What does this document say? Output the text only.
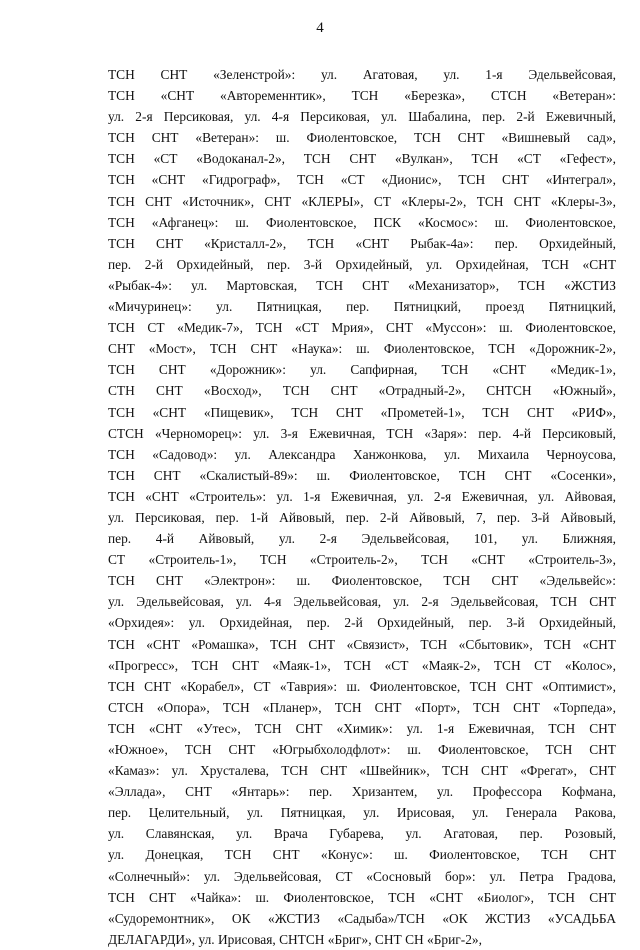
4
ТСН СНТ «Зеленстрой»: ул. Агатовая, ул. 1-я Эдельвейсовая,
ТСН «СНТ «Автоременнтик», ТСН «Березка», СТСН «Ветеран»:
ул. 2-я Персиковая, ул. 4-я Персиковая, ул. Шабалина, пер. 2-й Ежевичный,
ТСН СНТ «Ветеран»: ш. Фиолентовское, ТСН СНТ «Вишневый сад»,
ТСН «СТ «Водоканал-2», ТСН СНТ «Вулкан», ТСН «СТ «Гефест»,
ТСН «СНТ «Гидрограф», ТСН «СТ «Дионис», ТСН СНТ «Интеграл»,
ТСН СНТ «Источник», СНТ «КЛЕРЫ», СТ «Клеры-2», ТСН СНТ «Клеры-3»,
ТСН «Афганец»: ш. Фиолентовское, ПСК «Космос»: ш. Фиолентовское,
ТСН СНТ «Кристалл-2», ТСН «СНТ Рыбак-4а»: пер. Орхидейный,
пер. 2-й Орхидейный, пер. 3-й Орхидейный, ул. Орхидейная, ТСН «СНТ
«Рыбак-4»: ул. Мартовская, ТСН СНТ «Механизатор», ТСН «ЖСТИЗ
«Мичуринец»: ул. Пятницкая, пер. Пятницкий, проезд Пятницкий,
ТСН СТ «Медик-7», ТСН «СТ Мрия», СНТ «Муссон»: ш. Фиолентовское,
СНТ «Мост», ТСН СНТ «Наука»: ш. Фиолентовское, ТСН «Дорожник-2»,
ТСН СНТ «Дорожник»: ул. Сапфирная, ТСН «СНТ «Медик-1»,
СТН СНТ «Восход», ТСН СНТ «Отрадный-2», СНТСН «Южный»,
ТСН «СНТ «Пищевик», ТСН СНТ «Прометей-1», ТСН СНТ «РИФ»,
СТСН «Черноморец»: ул. 3-я Ежевичная, ТСН «Заря»: пер. 4-й Персиковый,
ТСН «Садовод»: ул. Александра Ханжонкова, ул. Михаила Черноусова,
ТСН СНТ «Скалистый-89»: ш. Фиолентовское, ТСН СНТ «Сосенки»,
ТСН «СНТ «Строитель»: ул. 1-я Ежевичная, ул. 2-я Ежевичная, ул. Айвовая,
ул. Персиковая, пер. 1-й Айвовый, пер. 2-й Айвовый, 7, пер. 3-й Айвовый,
пер. 4-й Айвовый, ул. 2-я Эдельвейсовая, 101, ул. Ближняя,
СТ «Строитель-1», ТСН «Строитель-2», ТСН «СНТ «Строитель-3»,
ТСН СНТ «Электрон»: ш. Фиолентовское, ТСН СНТ «Эдельвейс»:
ул. Эдельвейсовая, ул. 4-я Эдельвейсовая, ул. 2-я Эдельвейсовая, ТСН СНТ
«Орхидея»: ул. Орхидейная, пер. 2-й Орхидейный, пер. 3-й Орхидейный,
ТСН «СНТ «Ромашка», ТСН СНТ «Связист», ТСН «Сбытовик», ТСН «СНТ
«Прогресс», ТСН СНТ «Маяк-1», ТСН «СТ «Маяк-2», ТСН СТ «Колос»,
ТСН СНТ «Корабел», СТ «Таврия»: ш. Фиолентовское, ТСН СНТ «Оптимист»,
СТСН «Опора», ТСН «Планер», ТСН СНТ «Порт», ТСН СНТ «Торпеда»,
ТСН «СНТ «Утес», ТСН СНТ «Химик»: ул. 1-я Ежевичная, ТСН СНТ
«Южное», ТСН СНТ «Югрыбхолодфлот»: ш. Фиолентовское, ТСН СНТ
«Камаз»: ул. Хрусталева, ТСН СНТ «Швейник», ТСН СНТ «Фрегат», СНТ
«Эллада», СНТ «Янтарь»: пер. Хризантем, ул. Профессора Кофмана,
пер. Целительный, ул. Пятницкая, ул. Ирисовая, ул. Генерала Ракова,
ул. Славянская, ул. Врача Губарева, ул. Агатовая, пер. Розовый,
ул. Донецкая, ТСН СНТ «Конус»: ш. Фиолентовское, ТСН СНТ
«Солнечный»: ул. Эдельвейсовая, СТ «Сосновый бор»: ул. Петра Градова,
ТСН СНТ «Чайка»: ш. Фиолентовское, ТСН «СНТ «Биолог», ТСН СНТ
«Судоремонтник», ОК «ЖСТИЗ «Садыба»/ТСН «ОК ЖСТИЗ «УСАДЬБА
ДЕЛАГАРДИ», ул. Ирисовая, СНТСН «Бриг», СНТ СН «Бриг-2»,
